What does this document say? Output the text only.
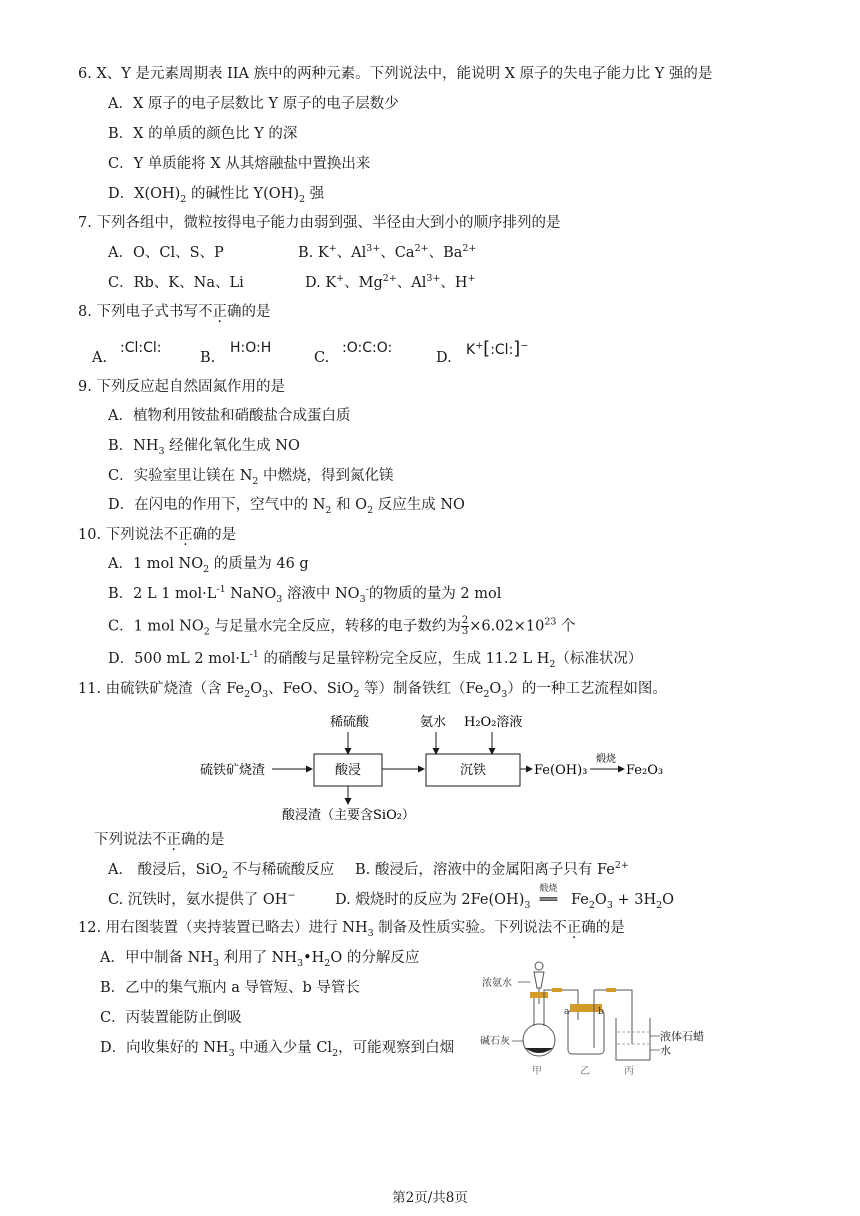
6. X、Y 是元素周期表 IIA 族中的两种元素。下列说法中，能说明 X 原子的失电子能力比 Y 强的是
A．X 原子的电子层数比 Y 原子的电子层数少
B．X 的单质的颜色比 Y 的深
C．Y 单质能将 X 从其熔融盐中置换出来
D．$X(OH)_2$ 的碱性比 $Y(OH)_2$ 强
7. 下列各组中，微粒按得电子能力由弱到强、半径由大到小的顺序排列的是
A．O、Cl、S、P	B. K+、$Al^{3+}$、$Ca^{2+}$、$Ba^{2+}$
C．Rb、K、Na、Li	D. K+、$Mg^{2+}$、$Al^{3+}$、H+
8. 下列电子式书写不正确的是
A.
:Cl:Cl:
B.
H:O:H
C.
:O:C:O:
D. K+[:Cl:]−
9. 下列反应起自然固氮作用的是
A．植物利用铵盐和硝酸盐合成蛋白质
B．$NH_3$ 经催化氧化生成 NO
C．实验室里让镁在 $N_2$ 中燃烧，得到氮化镁
D．在闪电的作用下，空气中的 $N_2$ 和 $O_2$ 反应生成 NO
10. 下列说法不正确的是
A．1 mol $NO_2$ 的质量为 46 g
B．2 L 1 $mol\cdot L^{-1}$ NaNO$_3$ 溶液中 $NO_3^-$的物质的量为 2 mol
C．1 mol $NO_2$ 与足量水完全反应，转移的电子数约为 $\frac{2}{3} \times 6.02\times 10^{23}$ 个
D．500 mL 2 $mol\cdot L^{-1}$ 的硝酸与足量锌粉完全反应，生成 11.2 L $H_2$（标准状况）
11. 由硫铁矿烧渣（含 $Fe_2O_3$、FeO、SiO$_2$ 等）制备铁红$(Fe_2O_3)$的一种工艺流程如图。
稀硫酸	氨水 H₂O₂溶液
硫铁矿烧渣	酸浸	沉铁	Fe(OH)₃
煅烧
Fe₂O₃
酸浸渣（主要含SiO₂）
下列说法不正确的是
A． 酸浸后，SiO$_2$ 不与稀硫酸反应 B. 酸浸后，溶液中的金属阳离子只有 $Fe^{2+}$
C. 沉铁时，氨水提供了 OH−	D. 煅烧时的反应为 $2Fe(OH)_3$
煅烧
══ $Fe_2O_3 + 3H_2O$
12. 用右图装置（夹持装置已略去）进行 $NH_3$ 制备及性质实验。下列说法不正确的是
A．甲中制备 $NH_3$ 利用了 $NH_3•H_2O$ 的分解反应
B．乙中的集气瓶内 a 导管短、b 导管长
C．丙装置能防止倒吸
D．向收集好的 $NH_3$ 中通入少量 $Cl_2$，可能观察到白烟
浓氨水
碱石灰
a	b
液体石蜡
水
甲	乙	丙
第2页/共8页
